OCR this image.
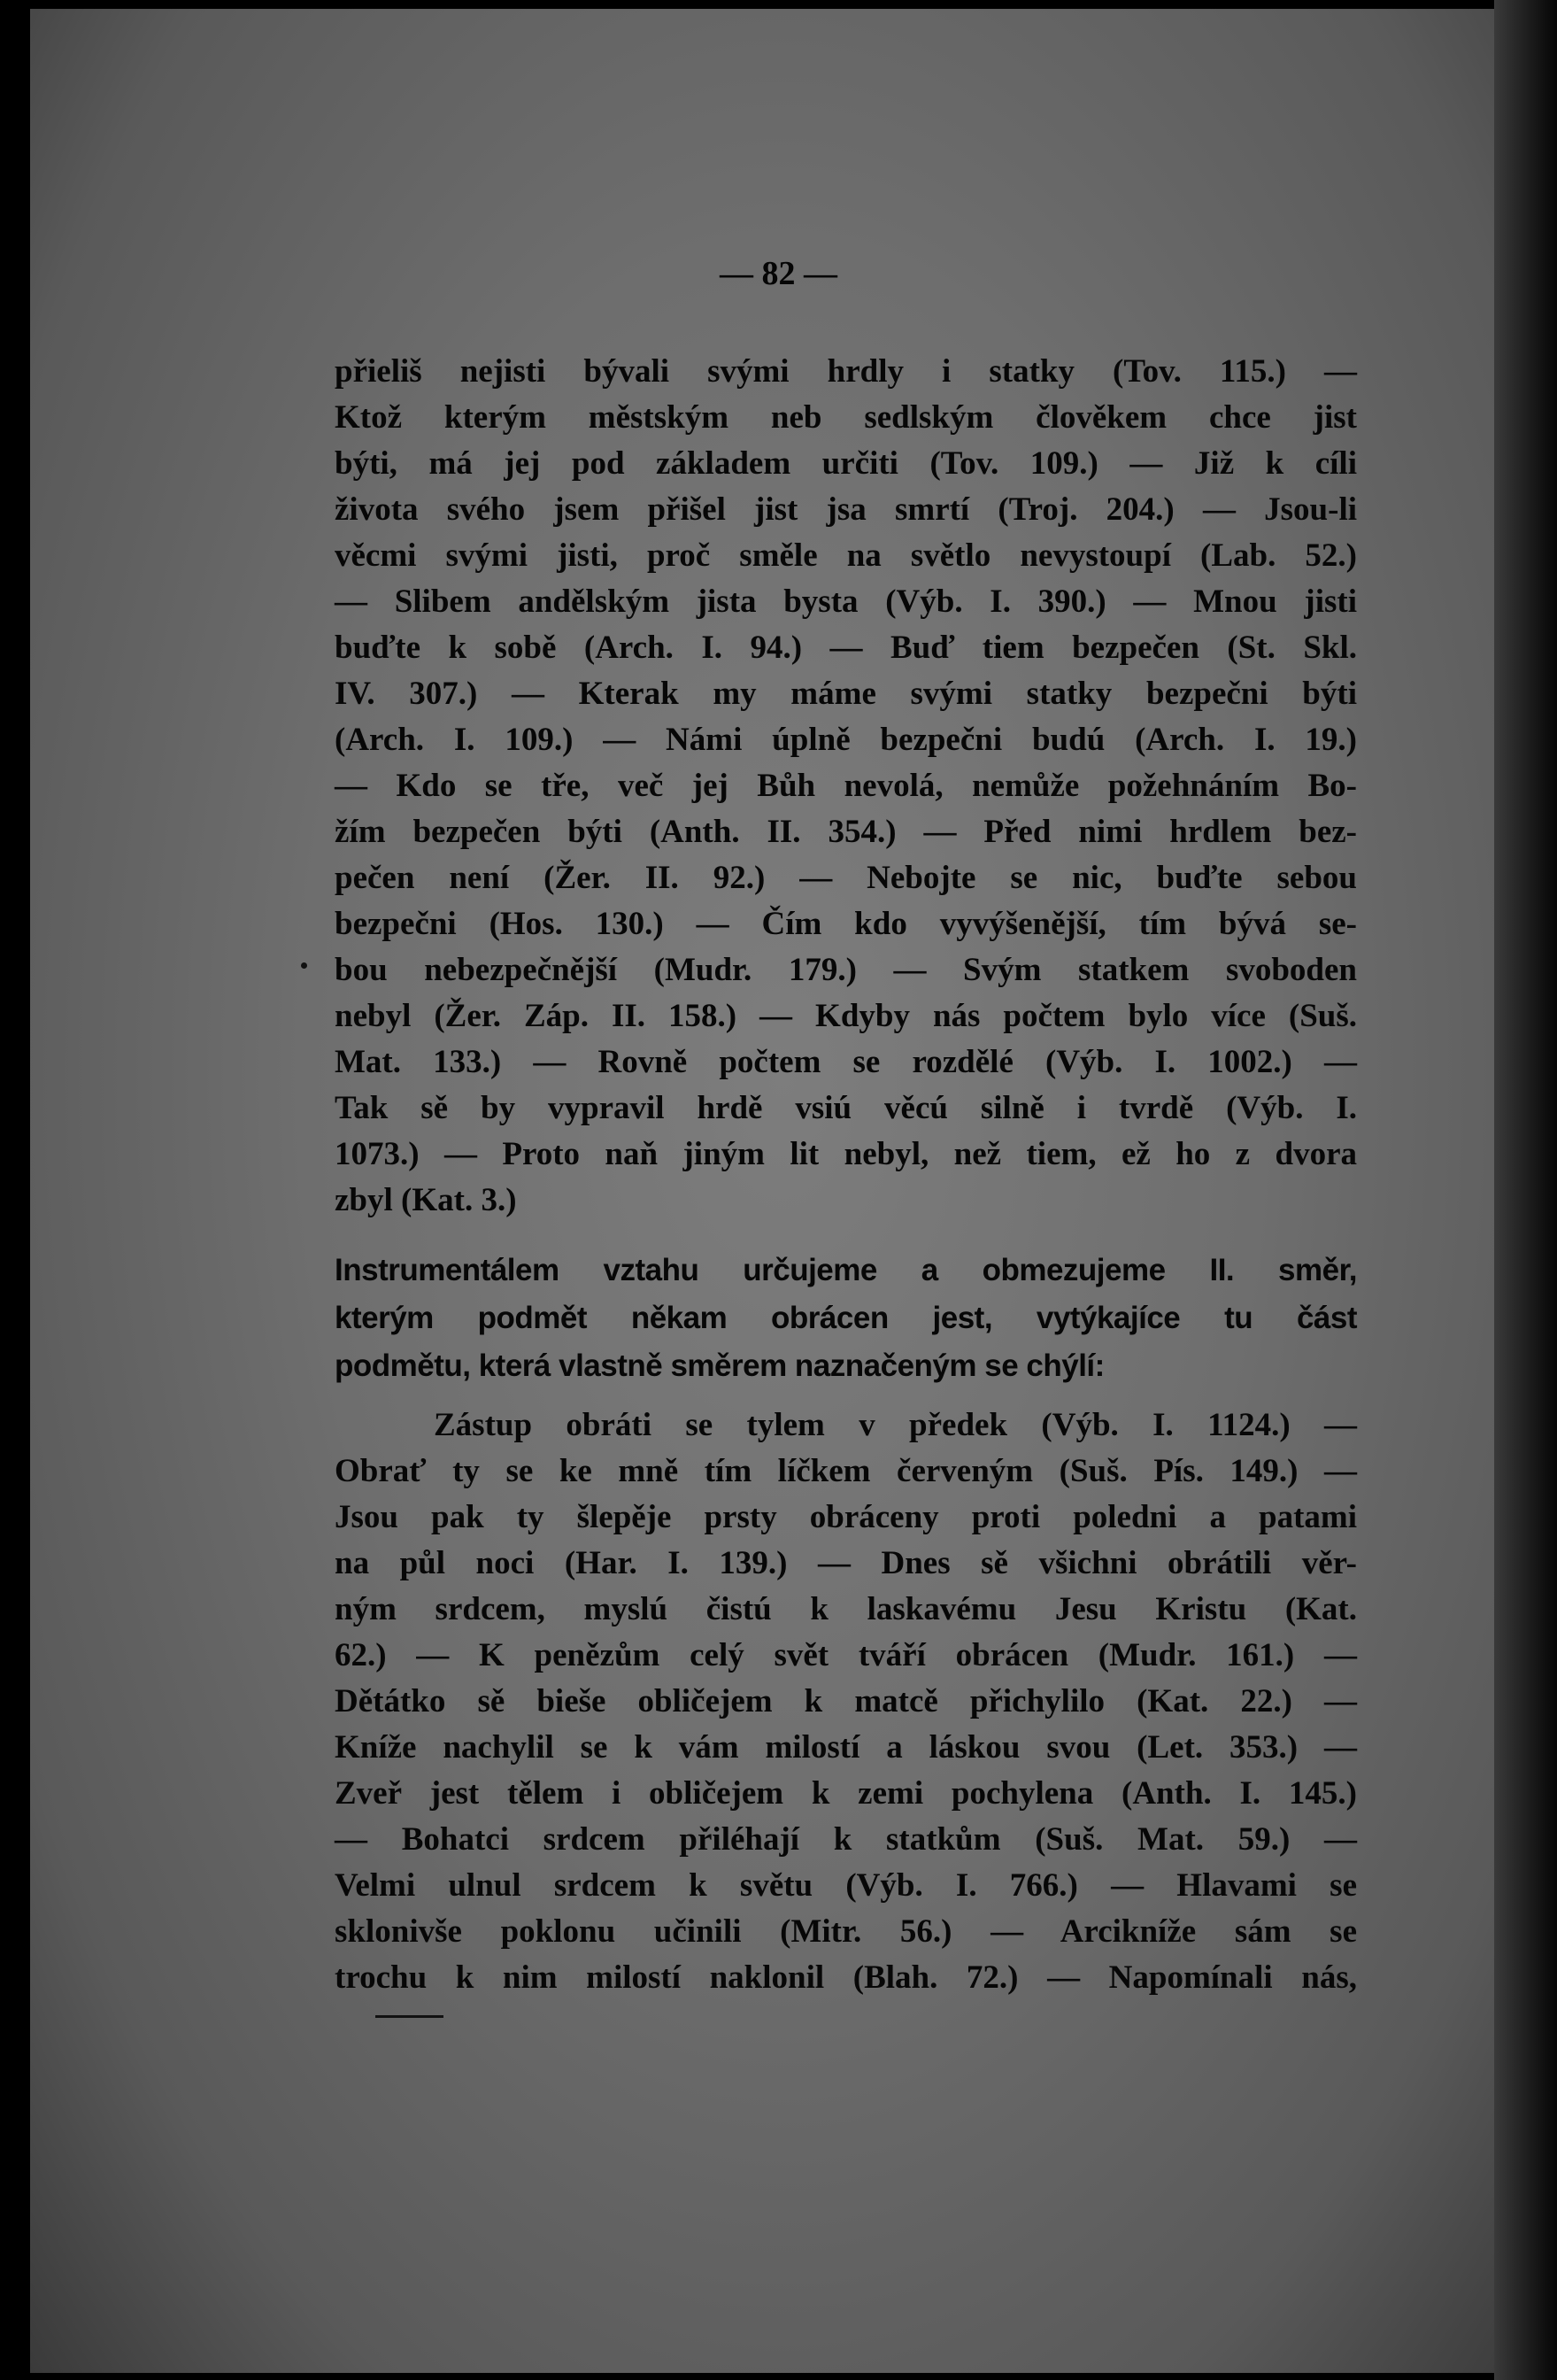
— 82 —
přieliš nejisti bývali svými hrdly i statky (Tov. 115.) —
Ktož kterým městským neb sedlským člověkem chce jist
býti, má jej pod základem určiti (Tov. 109.) — Již k cíli
života svého jsem přišel jist jsa smrtí (Troj. 204.) — Jsou-li
věcmi svými jisti, proč směle na světlo nevystoupí (Lab. 52.)
— Slibem andělským jista bysta (Výb. I. 390.) — Mnou jisti
buďte k sobě (Arch. I. 94.) — Buď tiem bezpečen (St. Skl.
IV. 307.) — Kterak my máme svými statky bezpečni býti
(Arch. I. 109.) — Námi úplně bezpečni budú (Arch. I. 19.)
— Kdo se tře, več jej Bůh nevolá, nemůže požehnáním Bo-
žím bezpečen býti (Anth. II. 354.) — Před nimi hrdlem bez-
pečen není (Žer. II. 92.) — Nebojte se nic, buďte sebou
bezpečni (Hos. 130.) — Čím kdo vyvýšenější, tím bývá se-
bou nebezpečnější (Mudr. 179.) — Svým statkem svoboden
nebyl (Žer. Záp. II. 158.) — Kdyby nás počtem bylo více (Suš.
Mat. 133.) — Rovně počtem se rozdělé (Výb. I. 1002.) —
Tak sě by vypravil hrdě vsiú věcú silně i tvrdě (Výb. I.
1073.) — Proto naň jiným lit nebyl, než tiem, ež ho z dvora
zbyl (Kat. 3.)
Instrumentálem vztahu určujeme a obmezujeme II. směr,
kterým podmět někam obrácen jest, vytýkajíce tu část
podmětu, která vlastně směrem naznačeným se chýlí:
Zástup obráti se tylem v předek (Výb. I. 1124.) —
Obrať ty se ke mně tím líčkem červeným (Suš. Pís. 149.) —
Jsou pak ty šlepěje prsty obráceny proti poledni a patami
na půl noci (Har. I. 139.) — Dnes sě všichni obrátili věr-
ným srdcem, myslú čistú k laskavému Jesu Kristu (Kat.
62.) — K penězům celý svět tváří obrácen (Mudr. 161.) —
Dětátko sě bieše obličejem k matcě přichylilo (Kat. 22.) —
Kníže nachylil se k vám milostí a láskou svou (Let. 353.) —
Zveř jest tělem i obličejem k zemi pochylena (Anth. I. 145.)
— Bohatci srdcem přiléhají k statkům (Suš. Mat. 59.) —
Velmi ulnul srdcem k světu (Výb. I. 766.) — Hlavami se
sklonivše poklonu učinili (Mitr. 56.) — Arcikníže sám se
trochu k nim milostí naklonil (Blah. 72.) — Napomínali nás,
